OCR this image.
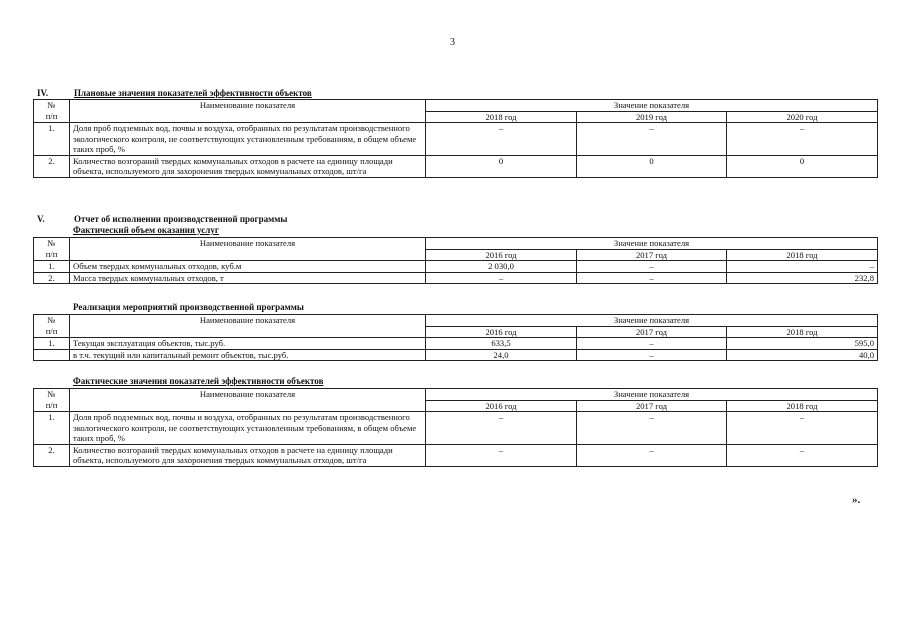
3
IV.	Плановые значения показателей эффективности объектов
№	Наименование показателя	Значение показателя		
п/п		2018 год	2019 год	2020 год
1.	Доля проб подземных вод, почвы и воздуха, отобранных по результатам производственного экологического контроля, не соответствующих установленным требованиям, в общем объеме таких проб, %	–	–	–
2.	Количество возгораний твердых коммунальных отходов в расчете на единицу площади объекта, используемого для захоронения твердых коммунальных отходов, шт/га	0	0	0
V.	Отчет об исполнении производственной программы
Фактический объем оказания услуг
№	Наименование показателя	Значение показателя		
п/п		2016 год	2017 год	2018 год
1.	Объем твердых коммунальных отходов, куб.м	2 030,0	–	–
2.	Масса твердых коммунальных отходов, т	–	–	232,8
Реализация мероприятий производственной программы
№	Наименование показателя	Значение показателя		
п/п		2016 год	2017 год	2018 год
1.	Текущая эксплуатация объектов, тыс.руб.	633,5	–	595,0
	в т.ч. текущий или капитальный ремонт объектов, тыс.руб.	24,0	–	40,0
Фактические значения показателей эффективности объектов
№	Наименование показателя	Значение показателя		
п/п		2016 год	2017 год	2018 год
1.	Доля проб подземных вод, почвы и воздуха, отобранных по результатам производственного экологического контроля, не соответствующих установленным требованиям, в общем объеме таких проб, %	–	–	–
2.	Количество возгораний твердых коммунальных отходов в расчете на единицу площади объекта, используемого для захоронения твердых коммунальных отходов, шт/га	–	–	–
».
